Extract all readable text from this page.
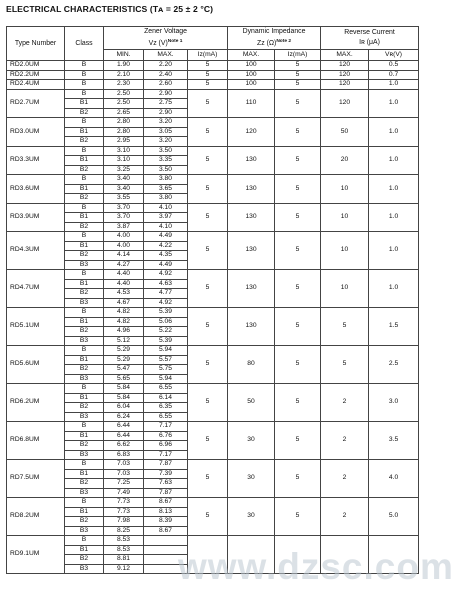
ELECTRICAL CHARACTERISTICS (Tᴀ = 25 ± 2 °C)
Type Number	Class	Zener Voltage
Vz $(V)^{Note 1}$			Dynamic Impedance
Zz $(\Omega)^{Note 2}$		Reverse Current
Iʀ (μA)	
		MIN.	MAX.	Iz(mA)	MAX.	Iz(mA)	MAX.	Vʀ(V)
RD2.0UM	B	1.90	2.20	5	100	5	120	0.5
RD2.2UM	B	2.10	2.40	5	100	5	120	0.7
RD2.4UM	B	2.30	2.60	5	100	5	120	1.0
RD2.7UM	B	2.50	2.90	5	110	5	120	1.0
	B1	2.50	2.75					
	B2	2.65	2.90					
RD3.0UM	B	2.80	3.20	5	120	5	50	1.0
	B1	2.80	3.05					
	B2	2.95	3.20					
RD3.3UM	B	3.10	3.50	5	130	5	20	1.0
	B1	3.10	3.35					
	B2	3.25	3.50					
RD3.6UM	B	3.40	3.80	5	130	5	10	1.0
	B1	3.40	3.65					
	B2	3.55	3.80					
RD3.9UM	B	3.70	4.10	5	130	5	10	1.0
	B1	3.70	3.97					
	B2	3.87	4.10					
RD4.3UM	B	4.00	4.49	5	130	5	10	1.0
	B1	4.00	4.22					
	B2	4.14	4.35					
	B3	4.27	4.49					
RD4.7UM	B	4.40	4.92	5	130	5	10	1.0
	B1	4.40	4.63					
	B2	4.53	4.77					
	B3	4.67	4.92					
RD5.1UM	B	4.82	5.39	5	130	5	5	1.5
	B1	4.82	5.06					
	B2	4.96	5.22					
	B3	5.12	5.39					
RD5.6UM	B	5.29	5.94	5	80	5	5	2.5
	B1	5.29	5.57					
	B2	5.47	5.75					
	B3	5.65	5.94					
RD6.2UM	B	5.84	6.55	5	50	5	2	3.0
	B1	5.84	6.14					
	B2	6.04	6.35					
	B3	6.24	6.55					
RD6.8UM	B	6.44	7.17	5	30	5	2	3.5
	B1	6.44	6.76					
	B2	6.62	6.96					
	B3	6.83	7.17					
RD7.5UM	B	7.03	7.87	5	30	5	2	4.0
	B1	7.03	7.39					
	B2	7.25	7.63					
	B3	7.49	7.87					
RD8.2UM	B	7.73	8.67	5	30	5	2	5.0
	B1	7.73	8.13					
	B2	7.98	8.39					
	B3	8.25	8.67					
RD9.1UM	B	8.53						
	B1	8.53						
	B2	8.81						
	B3	9.12						www.dzsc.com
